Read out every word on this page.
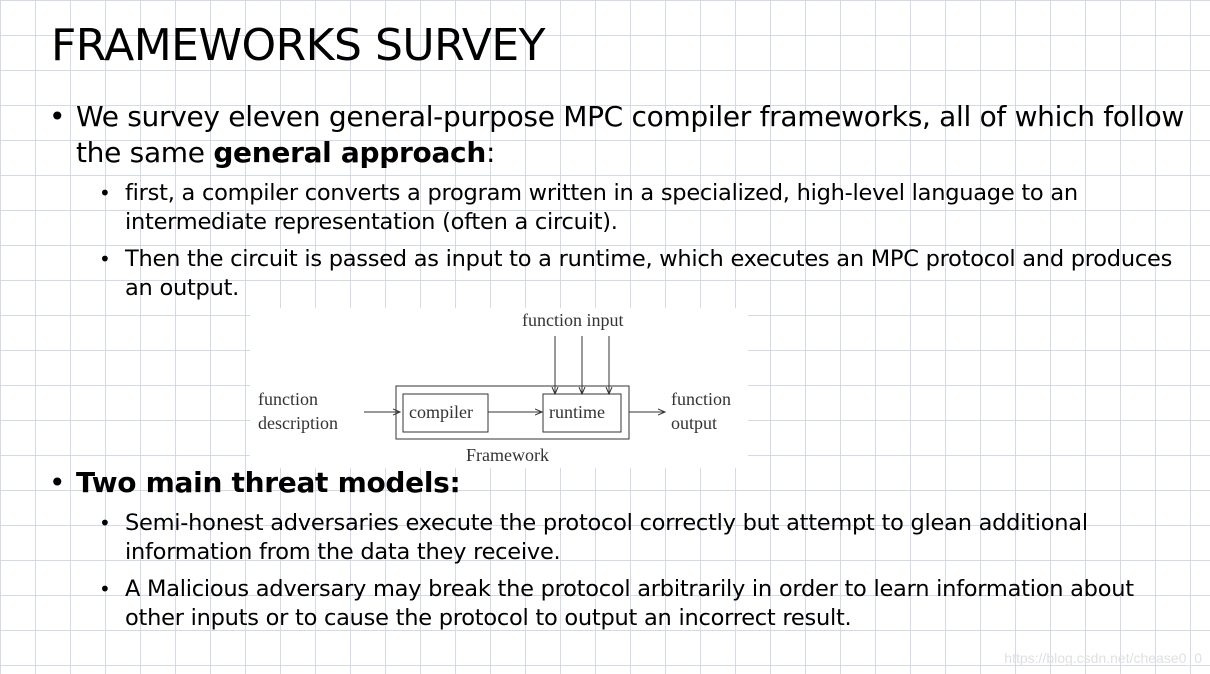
FRAMEWORKS SURVEY
• We survey eleven general-purpose MPC compiler frameworks, all of which follow the same general approach:
• first, a compiler converts a program written in a specialized, high-level language to an intermediate representation (often a circuit).
• Then the circuit is passed as input to a runtime, which executes an MPC protocol and produces an output.
function input
function
description
compiler	runtime
function
output
Framework
• Two main threat models:
• Semi-honest adversaries execute the protocol correctly but attempt to glean additional information from the data they receive.
• A Malicious adversary may break the protocol arbitrarily in order to learn information about other inputs or to cause the protocol to output an incorrect result.
https://blog.csdn.net/chease0_0
